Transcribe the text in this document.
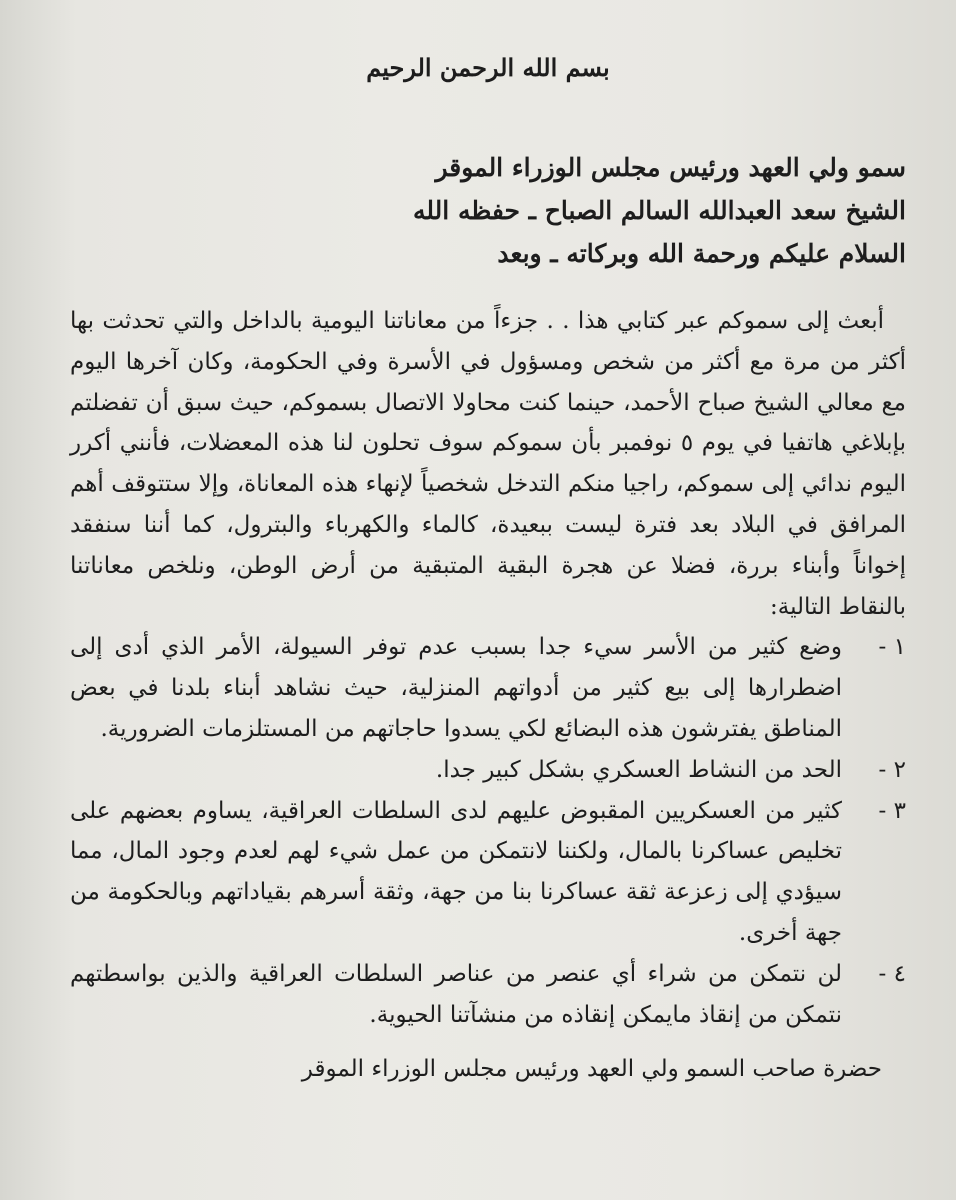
بسم الله الرحمن الرحيم
سمو ولي العهد ورئيس مجلس الوزراء الموقر
الشيخ سعد العبدالله السالم الصباح ـ حفظه الله
السلام عليكم ورحمة الله وبركاته ـ وبعد

أبعث إلى سموكم عبر كتابي هذا . . جزءاً من معاناتنا اليومية بالداخل والتي تحدثت بها أكثر من مرة مع أكثر من شخص ومسؤول في الأسرة وفي الحكومة، وكان آخرها اليوم مع معالي الشيخ صباح الأحمد، حينما كنت محاولا الاتصال بسموكم، حيث سبق أن تفضلتم بإبلاغي هاتفيا في يوم ٥ نوفمبر بأن سموكم سوف تحلون لنا هذه المعضلات، فأنني أكرر اليوم ندائي إلى سموكم، راجيا منكم التدخل شخصياً لإنهاء هذه المعاناة، وإلا ستتوقف أهم المرافق في البلاد بعد فترة ليست ببعيدة، كالماء والكهرباء والبترول، كما أننا سنفقد إخواناً وأبناء بررة، فضلا عن هجرة البقية المتبقية من أرض الوطن، ونلخص معاناتنا بالنقاط التالية:

١ -
وضع كثير من الأسر سيء جدا بسبب عدم توفر السيولة، الأمر الذي أدى إلى اضطرارها إلى بيع كثير من أدواتهم المنزلية، حيث نشاهد أبناء بلدنا في بعض المناطق يفترشون هذه البضائع لكي يسدوا حاجاتهم من المستلزمات الضرورية.
٢ -
الحد من النشاط العسكري بشكل كبير جدا.
٣ -
كثير من العسكريين المقبوض عليهم لدى السلطات العراقية، يساوم بعضهم على تخليص عساكرنا بالمال، ولكننا لانتمكن من عمل شيء لهم لعدم وجود المال، مما سيؤدي إلى زعزعة ثقة عساكرنا بنا من جهة، وثقة أسرهم بقياداتهم وبالحكومة من جهة أخرى.
٤ -
لن نتمكن من شراء أي عنصر من عناصر السلطات العراقية والذين بواسطتهم نتمكن من إنقاذ مايمكن إنقاذه من منشآتنا الحيوية.
حضرة صاحب السمو ولي العهد ورئيس مجلس الوزراء الموقر
